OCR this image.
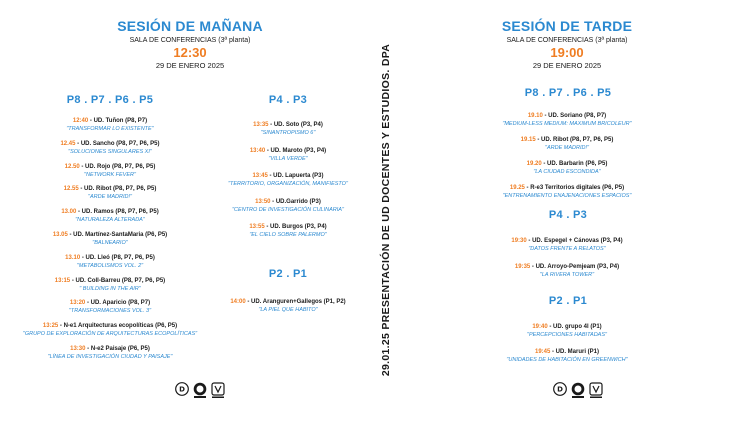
SESIÓN DE MAÑANA
SALA DE CONFERENCIAS (3ª planta)
12:30
29 DE ENERO 2025
P8 . P7 . P6 . P5
12:40 - UD. Tuñon (P8, P7)
"TRANSFORMAR LO EXISTENTE"
12.45 - UD. Sancho (P8, P7, P6, P5)
"SOLUCIONES SINGULARES XI"
12.50 - UD. Rojo (P8, P7, P6, P5)
"NETWORK FEVER"
12.55 - UD. Ribot (P8, P7, P6, P5)
"ARDE MADRID!"
13.00 - UD. Ramos (P8, P7, P6, P5)
"NATURALEZA ALTERADA"
13.05 - UD. Martínez-SantaMaria (P6, P5)
"BALNEARIO"
13.10 - UD. Lleó (P8, P7, P6, P5)
"METABOLISMOS VOL. 2"
13:15 - UD. Coll-Barreu (P8, P7, P6, P5)
" BUILDING IN THE AIR"
13:20 - UD. Aparicio (P8, P7)
"TRANSFORMACIONES VOL. 3"
13:25 - N-e1 Arquitecturas ecopolíticas (P6, P5)
"GRUPO DE EXPLORACIÓN DE ARQUITECTURAS ECOPOLÍTICAS"
13:30 - N-e2 Paisaje (P6, P5)
"LÍNEA DE INVESTIGACIÓN CIUDAD Y PAISAJE"
P4 . P3
13:35 - UD. Soto (P3, P4)
"SINANTROPISMO 6"
13:40 - UD. Maroto (P3, P4)
"VILLA VERDE"
13:45 - UD. Lapuerta (P3)
"TERRITORIO, ORGANIZACIÓN, MANIFIESTO"
13:50 - UD.Garrido (P3)
"CENTRO DE INVESTIGACIÓN CULINARIA"
13:55 - UD. Burgos (P3, P4)
"EL CIELO SOBRE PALERMO"
P2 . P1
14:00 - UD. Aranguren+Gallegos (P1, P2)
"LA PIEL QUE HABITO"
D
29.01.25 PRESENTACIÓN DE UD DOCENTES Y ESTUDIOS. DPA
SESIÓN DE TARDE
SALA DE CONFERENCIAS (3ª planta)
19:00
29 DE ENERO 2025
P8 . P7 . P6 . P5
19.10 - UD. Soriano (P8, P7)
"MEDIUM-LESS MEDIUM: MAXIMUM BRICOLEUR"
19.15 - UD. Ribot (P8, P7, P6, P5)
"ARDE MADRID!"
19.20 - UD. Barbarin (P6, P5)
"LA CIUDAD ESCONDIDA"
19.25 - R-e3 Territorios digitales (P6, P5)
"ENTRENAMIENTO ENAJENACIONES ESPACIOS"
P4 . P3
19:30 - UD. Espegel + Cánovas (P3, P4)
"DATOS FRENTE A RELATOS"
19:35 - UD. Arroyo-Pemjeam (P3, P4)
"LA RIVERA TOWER"
P2 . P1
19:40 - UD. grupo 4l (P1)
"PERCEPCIONES HABITADAS"
19:45 - UD. Maruri (P1)
"UNIDADES DE HABITACIÓN EN GREENWICH"
D
